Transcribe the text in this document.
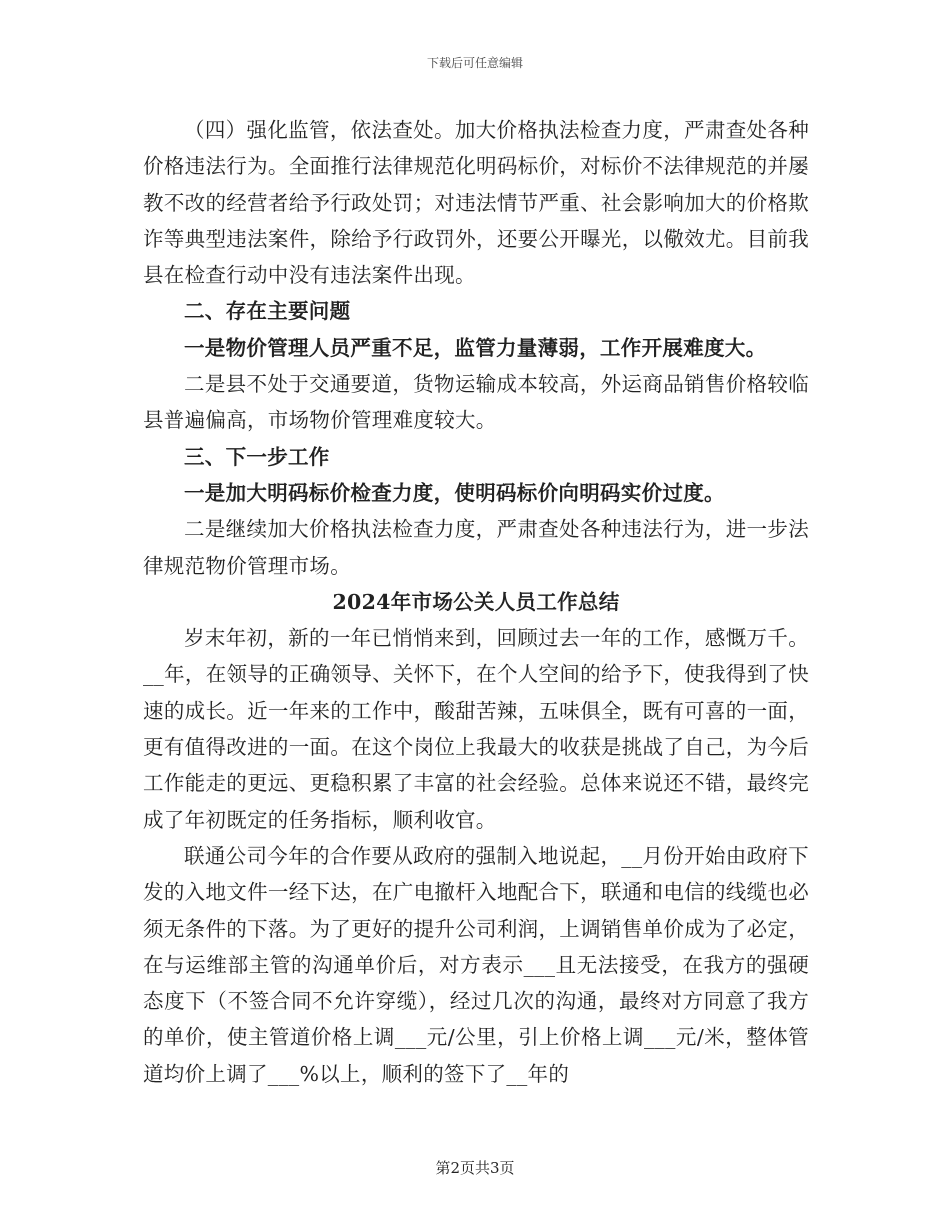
下载后可任意编辑

（四）强化监管，依法查处。加大价格执法检查力度，严肃查处各种价格违法行为。全面推行法律规范化明码标价，对标价不法律规范的并屡教不改的经营者给予行政处罚；对违法情节严重、社会影响加大的价格欺诈等典型违法案件，除给予行政罚外，还要公开曝光，以儆效尤。目前我县在检查行动中没有违法案件出现。

二、存在主要问题

一是物价管理人员严重不足，监管力量薄弱，工作开展难度大。

二是县不处于交通要道，货物运输成本较高，外运商品销售价格较临县普遍偏高，市场物价管理难度较大。

三、下一步工作

一是加大明码标价检查力度，使明码标价向明码实价过度。

二是继续加大价格执法检查力度，严肃查处各种违法行为，进一步法律规范物价管理市场。

2024年市场公关人员工作总结

岁末年初，新的一年已悄悄来到，回顾过去一年的工作，感慨万千。__年，在领导的正确领导、关怀下，在个人空间的给予下，使我得到了快速的成长。近一年来的工作中，酸甜苦辣，五味俱全，既有可喜的一面，更有值得改进的一面。在这个岗位上我最大的收获是挑战了自己，为今后工作能走的更远、更稳积累了丰富的社会经验。总体来说还不错，最终完成了年初既定的任务指标，顺利收官。

联通公司今年的合作要从政府的强制入地说起，__月份开始由政府下发的入地文件一经下达，在广电撤杆入地配合下，联通和电信的线缆也必须无条件的下落。为了更好的提升公司利润，上调销售单价成为了必定，在与运维部主管的沟通单价后，对方表示___且无法接受，在我方的强硬态度下（不签合同不允许穿缆），经过几次的沟通，最终对方同意了我方的单价，使主管道价格上调___元/公里，引上价格上调___元/米，整体管道均价上调了___%以上，顺利的签下了__年的

第2页共3页
